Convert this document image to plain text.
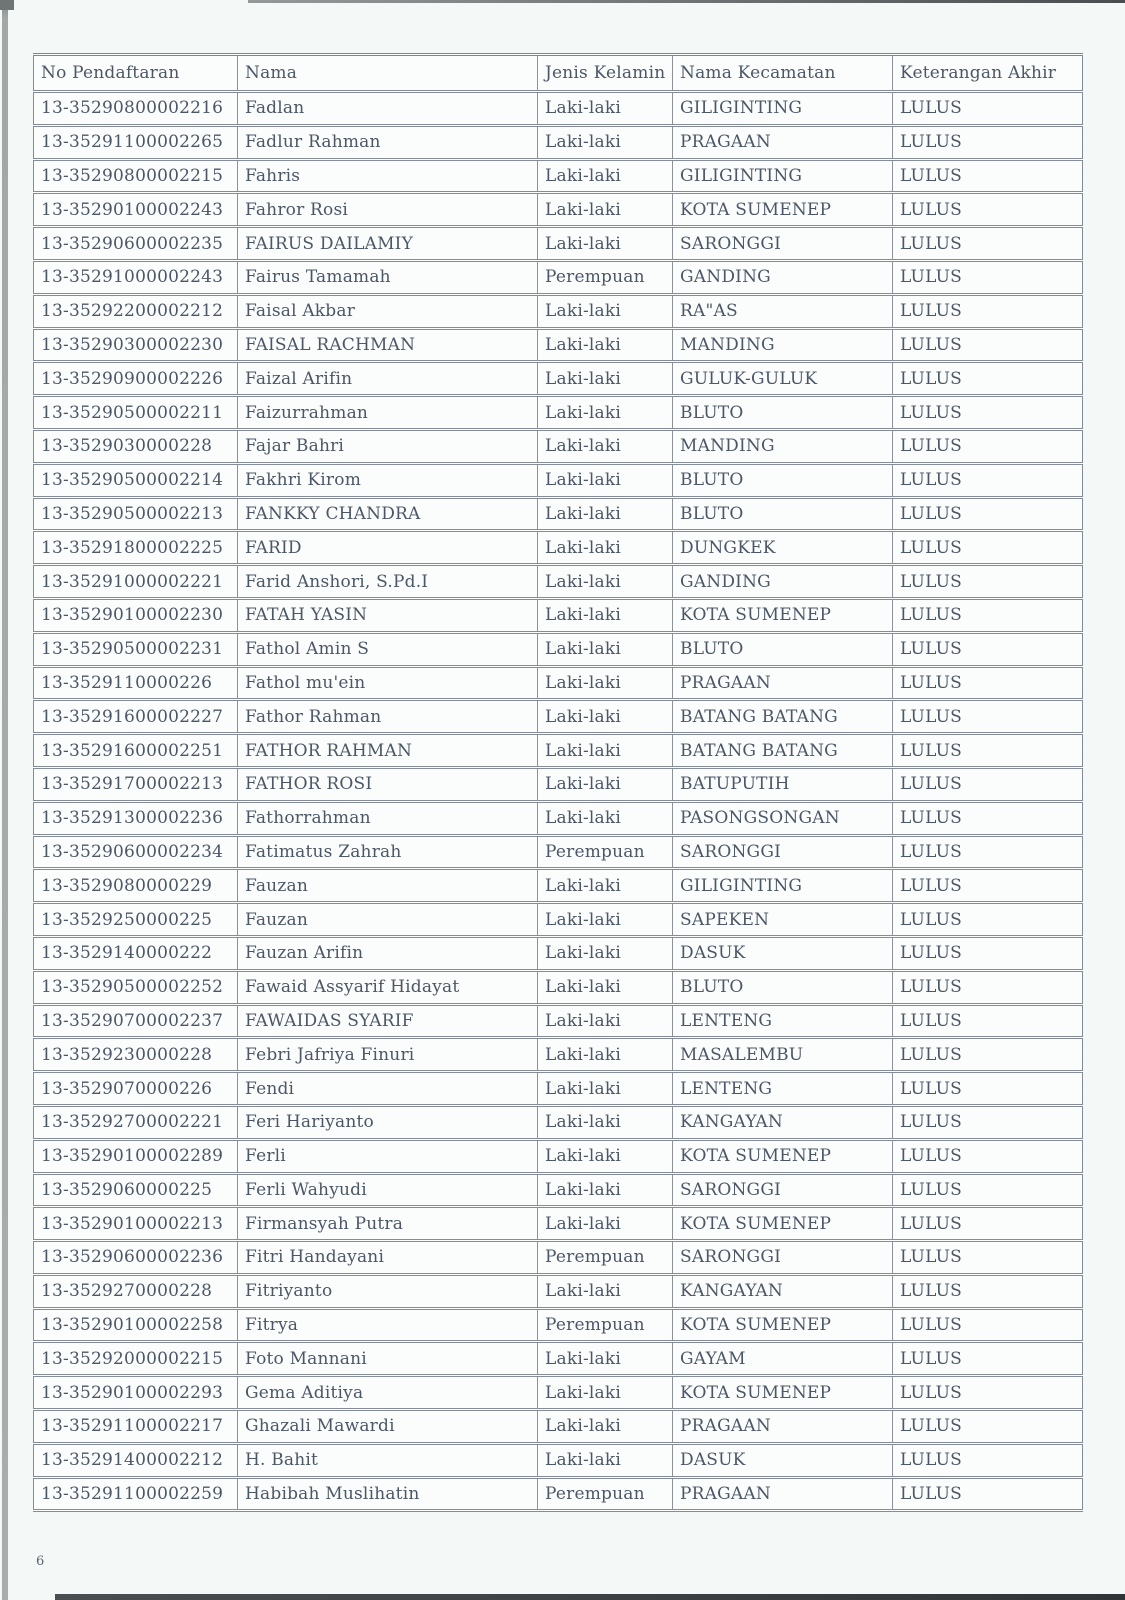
No Pendaftaran	Nama	Jenis Kelamin	Nama Kecamatan	Keterangan Akhir
13-35290800002216	Fadlan	Laki-laki	GILIGINTING	LULUS
13-35291100002265	Fadlur Rahman	Laki-laki	PRAGAAN	LULUS
13-35290800002215	Fahris	Laki-laki	GILIGINTING	LULUS
13-35290100002243	Fahror Rosi	Laki-laki	KOTA SUMENEP	LULUS
13-35290600002235	FAIRUS DAILAMIY	Laki-laki	SARONGGI	LULUS
13-35291000002243	Fairus Tamamah	Perempuan	GANDING	LULUS
13-35292200002212	Faisal Akbar	Laki-laki	RA"AS	LULUS
13-35290300002230	FAISAL RACHMAN	Laki-laki	MANDING	LULUS
13-35290900002226	Faizal Arifin	Laki-laki	GULUK-GULUK	LULUS
13-35290500002211	Faizurrahman	Laki-laki	BLUTO	LULUS
13-3529030000228	Fajar Bahri	Laki-laki	MANDING	LULUS
13-35290500002214	Fakhri Kirom	Laki-laki	BLUTO	LULUS
13-35290500002213	FANKKY CHANDRA	Laki-laki	BLUTO	LULUS
13-35291800002225	FARID	Laki-laki	DUNGKEK	LULUS
13-35291000002221	Farid Anshori, S.Pd.I	Laki-laki	GANDING	LULUS
13-35290100002230	FATAH YASIN	Laki-laki	KOTA SUMENEP	LULUS
13-35290500002231	Fathol Amin S	Laki-laki	BLUTO	LULUS
13-3529110000226	Fathol mu'ein	Laki-laki	PRAGAAN	LULUS
13-35291600002227	Fathor Rahman	Laki-laki	BATANG BATANG	LULUS
13-35291600002251	FATHOR RAHMAN	Laki-laki	BATANG BATANG	LULUS
13-35291700002213	FATHOR ROSI	Laki-laki	BATUPUTIH	LULUS
13-35291300002236	Fathorrahman	Laki-laki	PASONGSONGAN	LULUS
13-35290600002234	Fatimatus Zahrah	Perempuan	SARONGGI	LULUS
13-3529080000229	Fauzan	Laki-laki	GILIGINTING	LULUS
13-3529250000225	Fauzan	Laki-laki	SAPEKEN	LULUS
13-3529140000222	Fauzan Arifin	Laki-laki	DASUK	LULUS
13-35290500002252	Fawaid Assyarif Hidayat	Laki-laki	BLUTO	LULUS
13-35290700002237	FAWAIDAS SYARIF	Laki-laki	LENTENG	LULUS
13-3529230000228	Febri Jafriya Finuri	Laki-laki	MASALEMBU	LULUS
13-3529070000226	Fendi	Laki-laki	LENTENG	LULUS
13-35292700002221	Feri Hariyanto	Laki-laki	KANGAYAN	LULUS
13-35290100002289	Ferli	Laki-laki	KOTA SUMENEP	LULUS
13-3529060000225	Ferli Wahyudi	Laki-laki	SARONGGI	LULUS
13-35290100002213	Firmansyah Putra	Laki-laki	KOTA SUMENEP	LULUS
13-35290600002236	Fitri Handayani	Perempuan	SARONGGI	LULUS
13-3529270000228	Fitriyanto	Laki-laki	KANGAYAN	LULUS
13-35290100002258	Fitrya	Perempuan	KOTA SUMENEP	LULUS
13-35292000002215	Foto Mannani	Laki-laki	GAYAM	LULUS
13-35290100002293	Gema Aditiya	Laki-laki	KOTA SUMENEP	LULUS
13-35291100002217	Ghazali Mawardi	Laki-laki	PRAGAAN	LULUS
13-35291400002212	H. Bahit	Laki-laki	DASUK	LULUS
13-35291100002259	Habibah Muslihatin	Perempuan	PRAGAAN	LULUS
6
